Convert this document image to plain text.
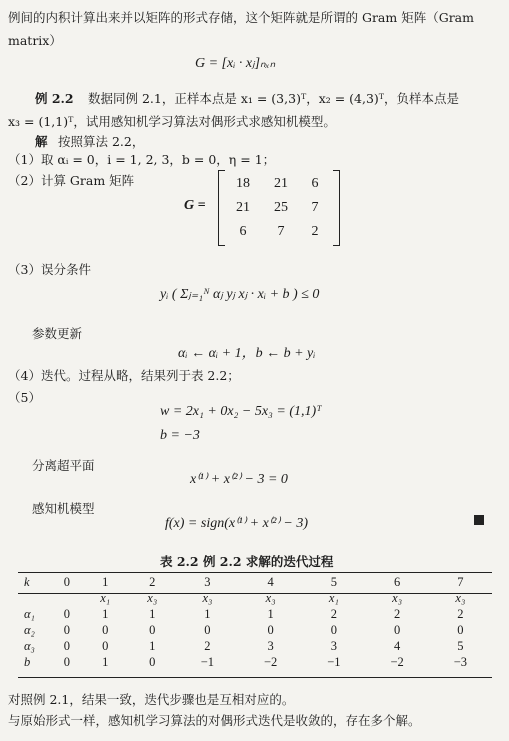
例间的内积计算出来并以矩阵的形式存储，这个矩阵就是所谓的 Gram 矩阵（Gram
matrix）
G = [xᵢ · xⱼ]ₙₓₙ
例 2.2 数据同例 2.1，正样本点是 x₁ = (3,3)ᵀ，x₂ = (4,3)ᵀ，负样本点是
x₃ = (1,1)ᵀ，试用感知机学习算法对偶形式求感知机模型。
解 按照算法 2.2，
（1）取 αᵢ = 0，i = 1, 2, 3，b = 0，η = 1；
（2）计算 Gram 矩阵
G =
18	21	6
21	25	7
6	7	2
（3）误分条件
yᵢ ( Σⱼ₌₁ᴺ αⱼ yⱼ xⱼ · xᵢ + b ) ≤ 0
参数更新
αᵢ ← αᵢ + 1，b ← b + yᵢ
（4）迭代。过程从略，结果列于表 2.2；
（5）
w = 2x₁ + 0x₂ − 5x₃ = (1,1)ᵀ
b = −3
分离超平面
x⁽¹⁾ + x⁽²⁾ − 3 = 0
感知机模型
f(x) = sign(x⁽¹⁾ + x⁽²⁾ − 3)
表 2.2 例 2.2 求解的迭代过程
k	0	1	2	3	4	5	6	7
		x₁	x₃	x₃	x₃	x₁	x₃	x₃
α₁	0	1	1	1	1	2	2	2
α₂	0	0	0	0	0	0	0	0
α₃	0	0	1	2	3	3	4	5
b	0	1	0	−1	−2	−1	−2	−3
对照例 2.1，结果一致，迭代步骤也是互相对应的。
与原始形式一样，感知机学习算法的对偶形式迭代是收敛的，存在多个解。
